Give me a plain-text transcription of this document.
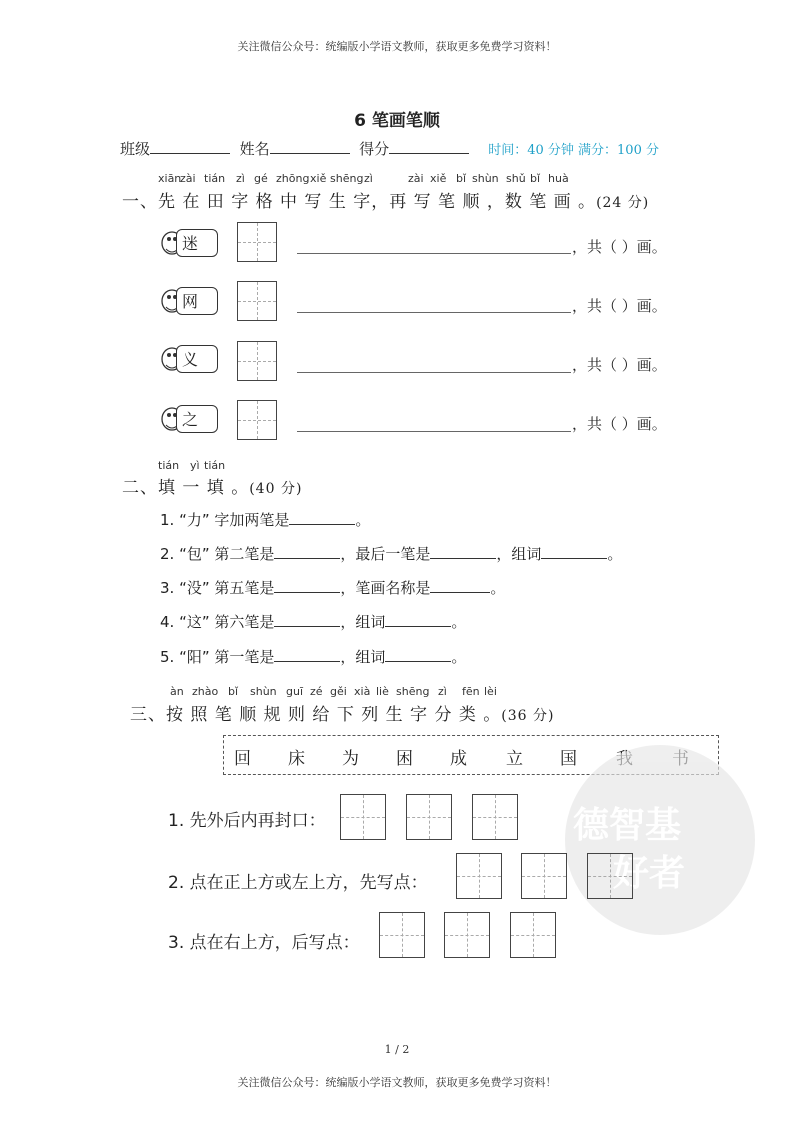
关注微信公众号：统编版小学语文教师，获取更多免费学习资料！
6 笔画笔顺
班级	姓名	得分	时间：40 分钟 满分：100 分
xiān
zài tián zì gé zhōng xiě shēng zì	zài xiě bǐ shùn shǔ bǐ huà
一、先 在 田 字 格 中 写 生 字，再 写 笔 顺 ，数 笔 画 。(24 分)
迷	，共（ ）画。
网	，共（ ）画。
义	，共（ ）画。
之	，共（ ）画。
tián yì tián
二、填 一 填 。(40 分)
1. “力” 字加两笔是	。
2. “包” 第二笔是	，最后一笔是	，组词	。
3. “没” 第五笔是	，笔画名称是	。
4. “这” 第六笔是	，组词	。
5. “阳” 第一笔是	，组词	。
àn zhào bǐ shùn guī zé gěi xià liè shēng zì fēn lèi
三、按 照 笔 顺 规 则 给 下 列 生 字 分 类 。(36 分)
回 床 为 困 成 立 国
德智基
好者
1. 先外后内再封口：
2. 点在正上方或左上方，先写点：
3. 点在右上方，后写点：
1 / 2
关注微信公众号：统编版小学语文教师，获取更多免费学习资料！
